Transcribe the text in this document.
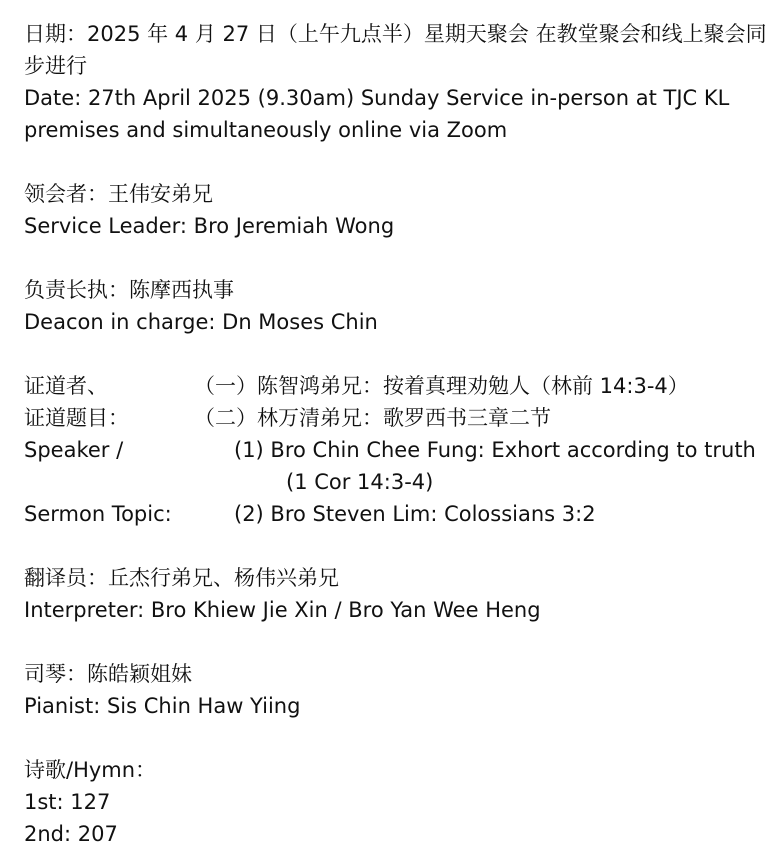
日期：2025 年 4 月 27 日（上午九点半）星期天聚会 在教堂聚会和线上聚会同步进行
Date: 27th April 2025 (9.30am) Sunday Service in-person at TJC KL premises and simultaneously online via Zoom
领会者：王伟安弟兄
Service Leader: Bro Jeremiah Wong
负责长执：陈摩西执事
Deacon in charge: Dn Moses Chin
证道者、	（一）陈智鸿弟兄：按着真理劝勉人（林前 14:3-4）
证道题目：	（二）林万清弟兄：歌罗西书三章二节
Speaker /	(1) Bro Chin Chee Fung: Exhort according to truth
(1 Cor 14:3-4)
Sermon Topic:	(2) Bro Steven Lim: Colossians 3:2
翻译员：丘杰行弟兄、杨伟兴弟兄
Interpreter: Bro Khiew Jie Xin / Bro Yan Wee Heng
司琴：陈皓颖姐妹
Pianist: Sis Chin Haw Yiing
诗歌/Hymn：
1st: 127
2nd: 207
